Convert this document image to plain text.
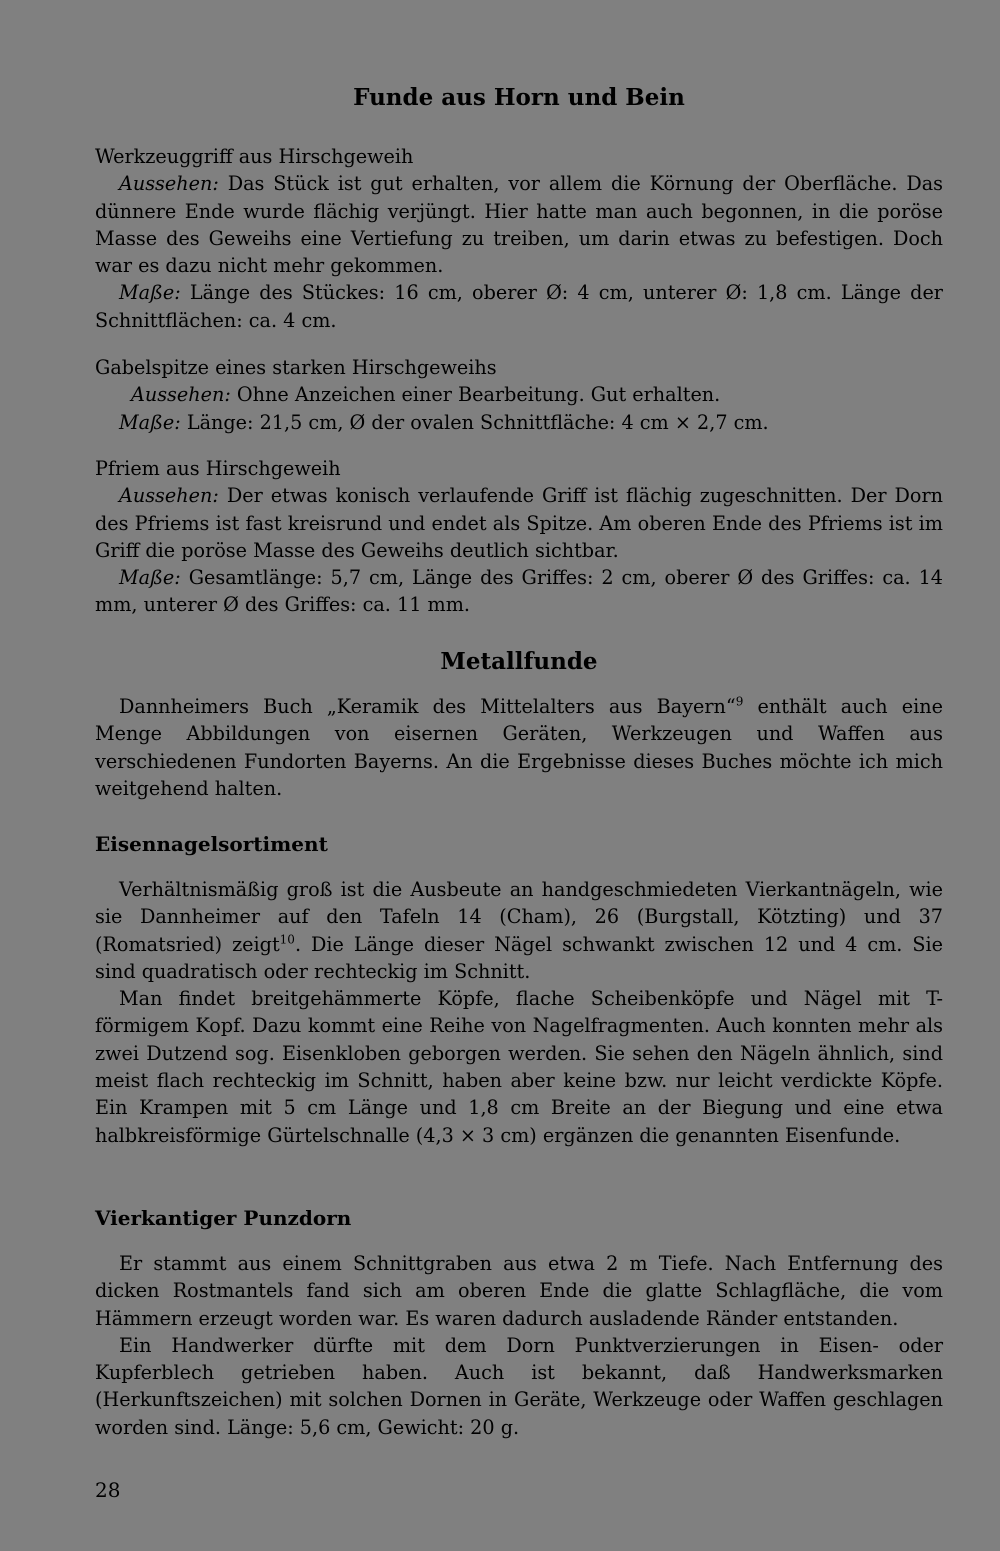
Funde aus Horn und Bein

Werkzeuggriff aus Hirschgeweih

Aussehen: Das Stück ist gut erhalten, vor allem die Körnung der Oberfläche. Das dünnere Ende wurde flächig verjüngt. Hier hatte man auch begonnen, in die poröse Masse des Geweihs eine Vertiefung zu treiben, um darin etwas zu befestigen. Doch war es dazu nicht mehr gekommen.

Maße: Länge des Stückes: 16 cm, oberer Ø: 4 cm, unterer Ø: 1,8 cm. Länge der Schnittflächen: ca. 4 cm.

Gabelspitze eines starken Hirschgeweihs

Aussehen: Ohne Anzeichen einer Bearbeitung. Gut erhalten.

Maße: Länge: 21,5 cm, Ø der ovalen Schnittfläche: 4 cm × 2,7 cm.

Pfriem aus Hirschgeweih

Aussehen: Der etwas konisch verlaufende Griff ist flächig zugeschnitten. Der Dorn des Pfriems ist fast kreisrund und endet als Spitze. Am oberen Ende des Pfriems ist im Griff die poröse Masse des Geweihs deutlich sichtbar.

Maße: Gesamtlänge: 5,7 cm, Länge des Griffes: 2 cm, oberer Ø des Griffes: ca. 14 mm, unterer Ø des Griffes: ca. 11 mm.

Metallfunde

Dannheimers Buch „Keramik des Mittelalters aus Bayern“$^9$ enthält auch eine Menge Abbildungen von eisernen Geräten, Werkzeugen und Waffen aus verschiedenen Fundorten Bayerns. An die Ergebnisse dieses Buches möchte ich mich weitgehend halten.

Eisennagelsortiment

Verhältnismäßig groß ist die Ausbeute an handgeschmiedeten Vierkantnägeln, wie sie Dannheimer auf den Tafeln 14 (Cham), 26 (Burgstall, Kötzting) und 37 (Romatsried) zeigt$^{10}$. Die Länge dieser Nägel schwankt zwischen 12 und 4 cm. Sie sind quadratisch oder rechteckig im Schnitt.

Man findet breitgehämmerte Köpfe, flache Scheibenköpfe und Nägel mit T-förmigem Kopf. Dazu kommt eine Reihe von Nagelfragmenten. Auch konnten mehr als zwei Dutzend sog. Eisenkloben geborgen werden. Sie sehen den Nägeln ähnlich, sind meist flach rechteckig im Schnitt, haben aber keine bzw. nur leicht verdickte Köpfe. Ein Krampen mit 5 cm Länge und 1,8 cm Breite an der Biegung und eine etwa halbkreisförmige Gürtelschnalle (4,3 × 3 cm) ergänzen die genannten Eisenfunde.

Vierkantiger Punzdorn

Er stammt aus einem Schnittgraben aus etwa 2 m Tiefe. Nach Entfernung des dicken Rostmantels fand sich am oberen Ende die glatte Schlagfläche, die vom Hämmern erzeugt worden war. Es waren dadurch ausladende Ränder entstanden.

Ein Handwerker dürfte mit dem Dorn Punktverzierungen in Eisen- oder Kupferblech getrieben haben. Auch ist bekannt, daß Handwerksmarken (Herkunftszeichen) mit solchen Dornen in Geräte, Werkzeuge oder Waffen geschlagen worden sind. Länge: 5,6 cm, Gewicht: 20 g.

28
